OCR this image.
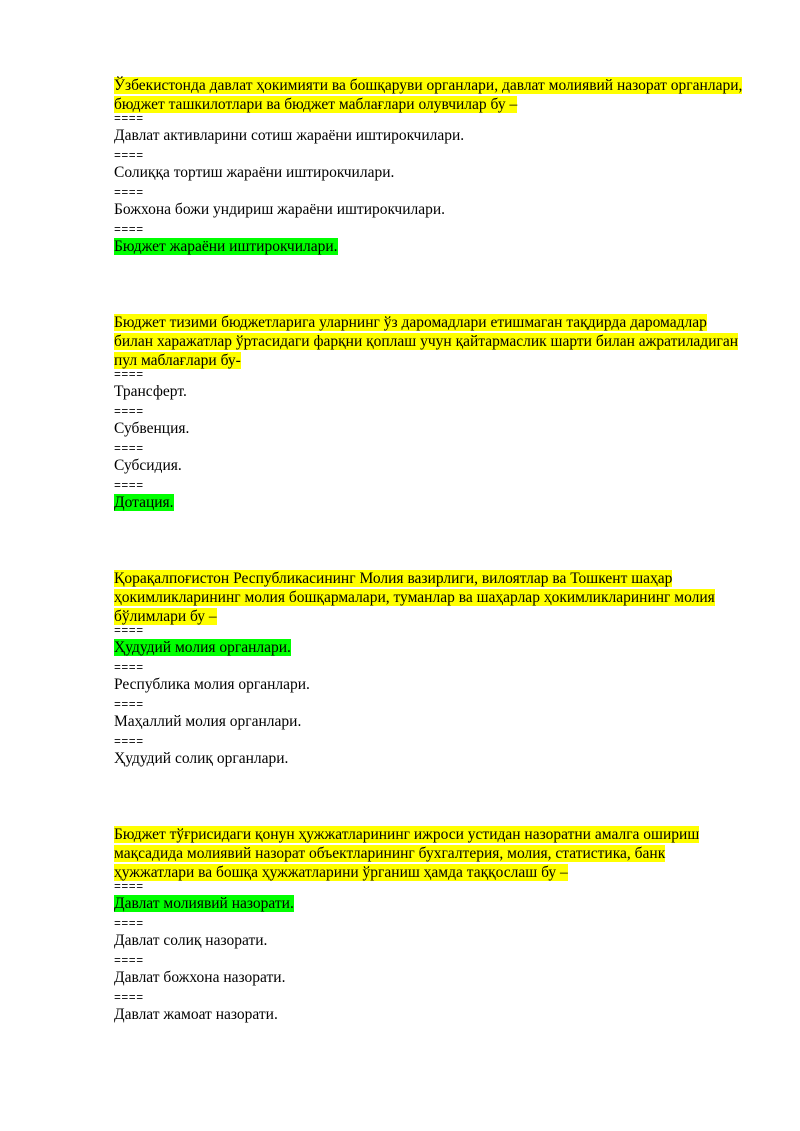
Ўзбекистонда давлат ҳокимияти ва бошқаруви органлари, давлат молиявий назорат органлари, бюджет ташкилотлари ва бюджет маблағлари олувчилар бу –

====

Давлат активларини сотиш жараёни иштирокчилари.

====

Солиққа тортиш жараёни иштирокчилари.

====

Божхона божи ундириш жараёни иштирокчилари.

====

Бюджет жараёни иштирокчилари.

Бюджет тизими бюджетларига уларнинг ўз даромадлари етишмаган тақдирда даромадлар билан харажатлар ўртасидаги фарқни қоплаш учун қайтармаслик шарти билан ажратиладиган пул маблағлари бу-

====

Трансферт.

====

Субвенция.

====

Субсидия.

====

Дотация.

Қорақалпоғистон Республикасининг Молия вазирлиги, вилоятлар ва Тошкент шаҳар ҳокимликларининг молия бошқармалари, туманлар ва шаҳарлар ҳокимликларининг молия бўлимлари бу –

====

Ҳудудий молия органлари.

====

Республика молия органлари.

====

Маҳаллий молия органлари.

====

Ҳудудий солиқ органлари.

Бюджет тўғрисидаги қонун ҳужжатларининг ижроси устидан назоратни амалга ошириш мақсадида молиявий назорат объектларининг бухгалтерия, молия, статистика, банк ҳужжатлари ва бошқа ҳужжатларини ўрганиш ҳамда таққослаш бу –

====

Давлат молиявий назорати.

====

Давлат солиқ назорати.

====

Давлат божхона назорати.

====

Давлат жамоат назорати.
